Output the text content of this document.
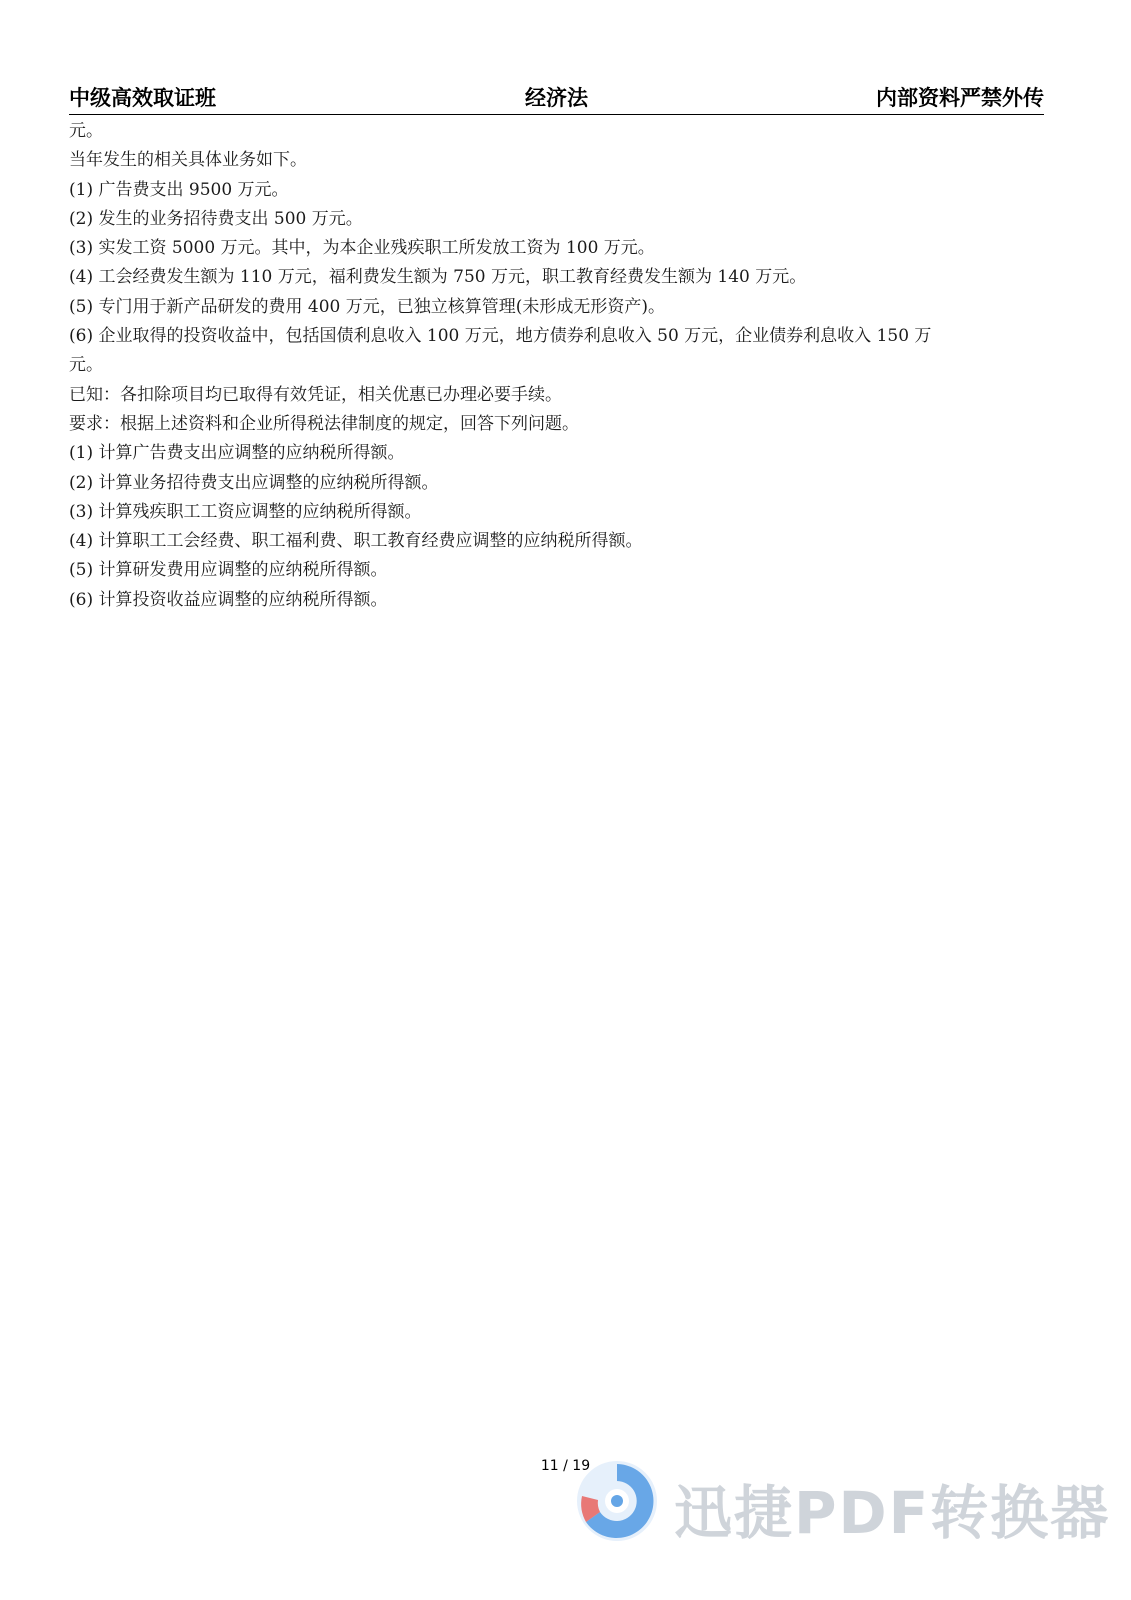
中级高效取证班	经济法	内部资料严禁外传

元。

当年发生的相关具体业务如下。

(1) 广告费支出 9500 万元。

(2) 发生的业务招待费支出 500 万元。

(3) 实发工资 5000 万元。其中，为本企业残疾职工所发放工资为 100 万元。

(4) 工会经费发生额为 110 万元，福利费发生额为 750 万元，职工教育经费发生额为 140 万元。

(5) 专门用于新产品研发的费用 400 万元，已独立核算管理(未形成无形资产)。

(6) 企业取得的投资收益中，包括国债利息收入 100 万元，地方债券利息收入 50 万元，企业债券利息收入 150 万

元。

已知：各扣除项目均已取得有效凭证，相关优惠已办理必要手续。

要求：根据上述资料和企业所得税法律制度的规定，回答下列问题。

(1) 计算广告费支出应调整的应纳税所得额。

(2) 计算业务招待费支出应调整的应纳税所得额。

(3) 计算残疾职工工资应调整的应纳税所得额。

(4) 计算职工工会经费、职工福利费、职工教育经费应调整的应纳税所得额。

(5) 计算研发费用应调整的应纳税所得额。

(6) 计算投资收益应调整的应纳税所得额。

11 / 19
迅捷PDF转换器
